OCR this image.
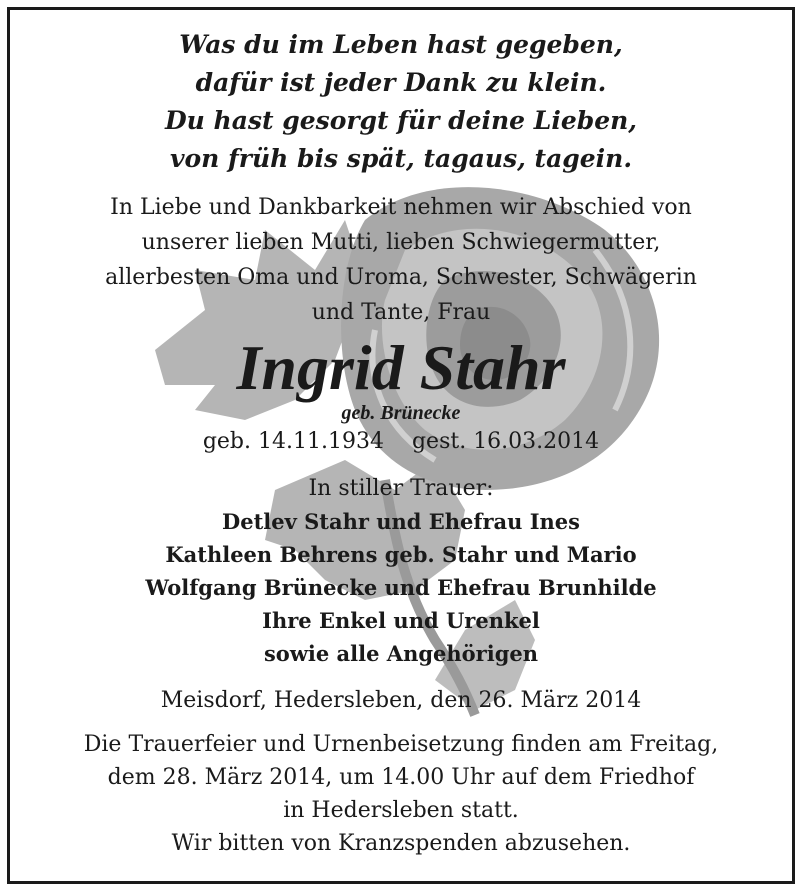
Was du im Leben hast gegeben,
dafür ist jeder Dank zu klein.
Du hast gesorgt für deine Lieben,
von früh bis spät, tagaus, tagein.
In Liebe und Dankbarkeit nehmen wir Abschied von
unserer lieben Mutti, lieben Schwiegermutter,
allerbesten Oma und Uroma, Schwester, Schwägerin
und Tante, Frau
Ingrid Stahr
geb. Brünecke
geb. 14.11.1934 gest. 16.03.2014
In stiller Trauer:
Detlev Stahr und Ehefrau Ines
Kathleen Behrens geb. Stahr und Mario
Wolfgang Brünecke und Ehefrau Brunhilde
Ihre Enkel und Urenkel
sowie alle Angehörigen
Meisdorf, Hedersleben, den 26. März 2014
Die Trauerfeier und Urnenbeisetzung finden am Freitag,
dem 28. März 2014, um 14.00 Uhr auf dem Friedhof
in Hedersleben statt.
Wir bitten von Kranzspenden abzusehen.
